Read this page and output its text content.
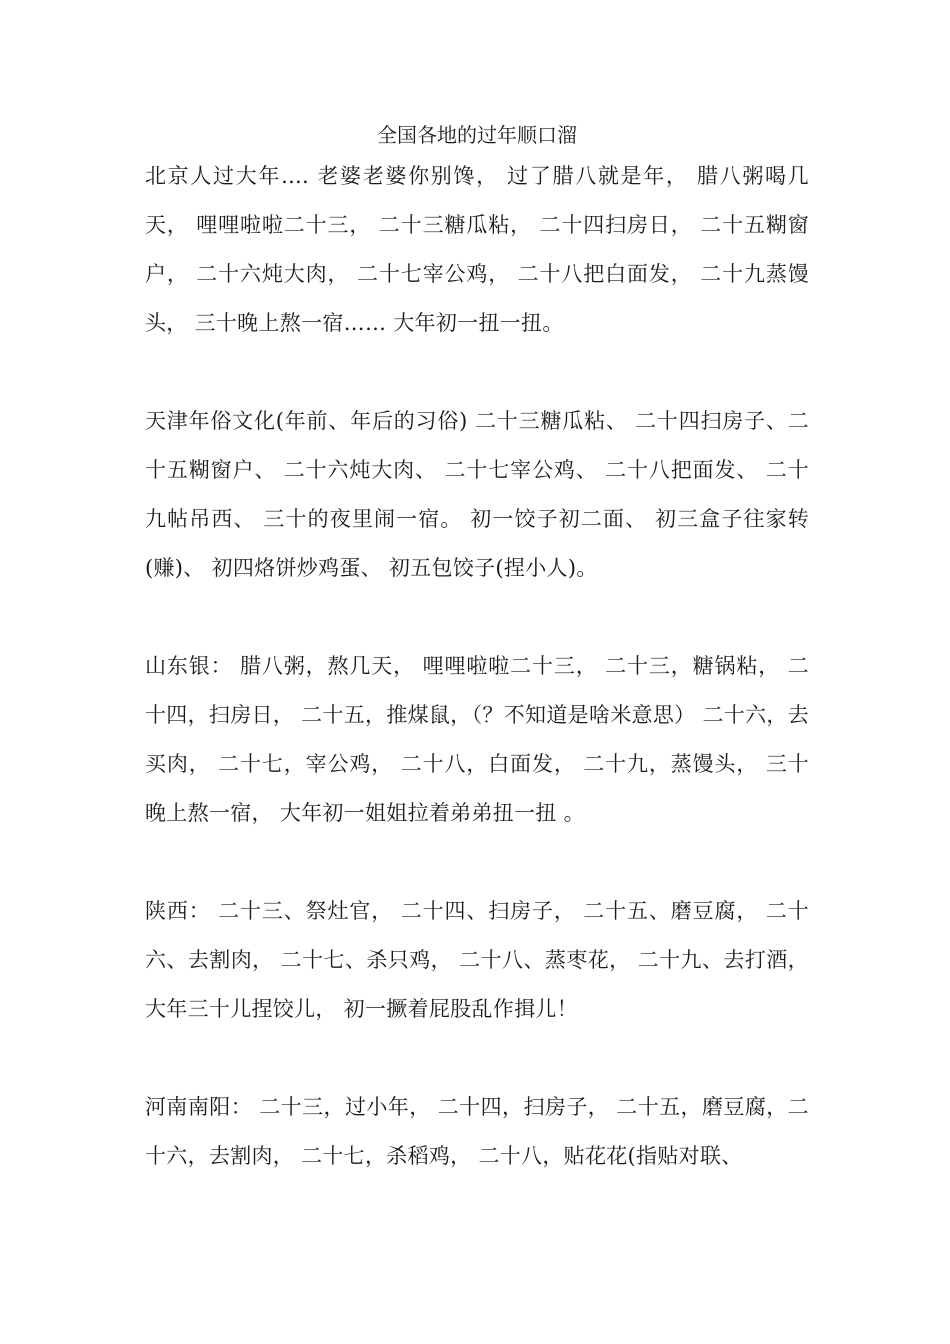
全国各地的过年顺口溜

北京人过大年.... 老婆老婆你别馋， 过了腊八就是年， 腊八粥喝几天， 哩哩啦啦二十三， 二十三糖瓜粘， 二十四扫房日， 二十五糊窗户， 二十六炖大肉， 二十七宰公鸡， 二十八把白面发， 二十九蒸馒头， 三十晚上熬一宿…… 大年初一扭一扭。

天津年俗文化(年前、年后的习俗) 二十三糖瓜粘、 二十四扫房子、二十五糊窗户、 二十六炖大肉、 二十七宰公鸡、 二十八把面发、 二十九帖吊西、 三十的夜里闹一宿。 初一饺子初二面、 初三盒子往家转(赚)、 初四烙饼炒鸡蛋、 初五包饺子(捏小人)。

山东银： 腊八粥，熬几天， 哩哩啦啦二十三， 二十三，糖锅粘， 二十四，扫房日， 二十五，推煤鼠，（？不知道是啥米意思） 二十六，去买肉， 二十七，宰公鸡， 二十八，白面发， 二十九，蒸馒头， 三十晚上熬一宿， 大年初一姐姐拉着弟弟扭一扭 。

陕西： 二十三、祭灶官， 二十四、扫房子， 二十五、磨豆腐， 二十六、去割肉， 二十七、杀只鸡， 二十八、蒸枣花， 二十九、去打酒， 大年三十儿捏饺儿， 初一撅着屁股乱作揖儿！

河南南阳： 二十三，过小年， 二十四，扫房子， 二十五，磨豆腐，二十六，去割肉， 二十七，杀稻鸡， 二十八，贴花花(指贴对联、
